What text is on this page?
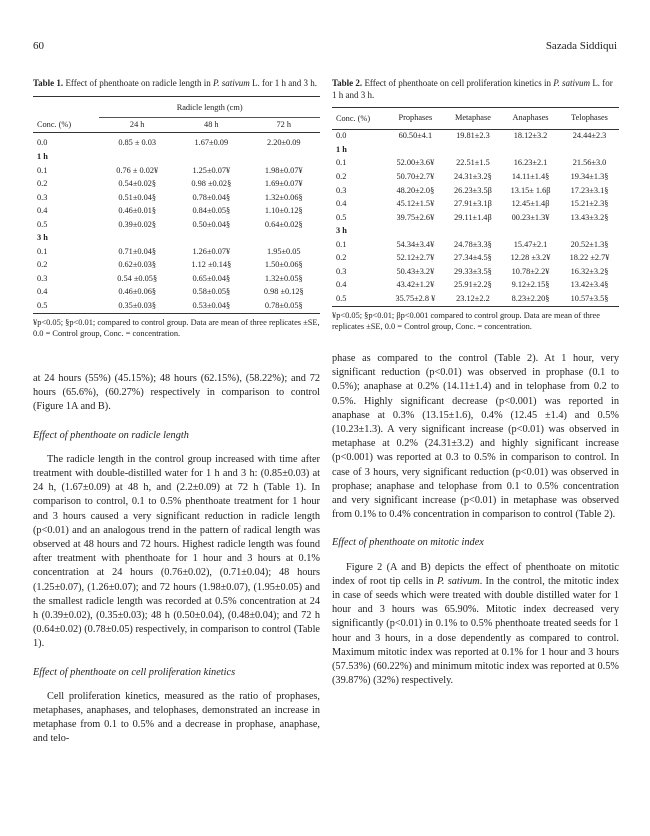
60	Sazada Siddiqui
Table 1. Effect of phenthoate on radicle length in P. sativum L. for 1 h and 3 h.
	Radicle length (cm)		
Conc. (%)	24 h	48 h	72 h
0.0	0.85 ± 0.03	1.67±0.09	2.20±0.09
1 h			
0.1	0.76 ± 0.02¥	1.25±0.07¥	1.98±0.07¥
0.2	0.54±0.02§	0.98 ±0.02§	1.69±0.07¥
0.3	0.51±0.04§	0.78±0.04§	1.32±0.06§
0.4	0.46±0.01§	0.84±0.05§	1.10±0.12§
0.5	0.39±0.02§	0.50±0.04§	0.64±0.02§
3 h			
0.1	0.71±0.04§	1.26±0.07¥	1.95±0.05
0.2	0.62±0.03§	1.12 ±0.14§	1.50±0.06§
0.3	0.54 ±0.05§	0.65±0.04§	1.32±0.05§
0.4	0.46±0.06§	0.58±0.05§	0.98 ±0.12§
0.5	0.35±0.03§	0.53±0.04§	0.78±0.05§
¥p<0.05; §p<0.01; compared to control group. Data are mean of three replicates ±SE, 0.0 = Control group, Conc. = concentration.
Table 2. Effect of phenthoate on cell proliferation kinetics in P. sativum L. for 1 h and 3 h.
Conc. (%)	Prophases	Metaphase	Anaphases	Telophases
0.0	60.50±4.1	19.81±2.3	18.12±3.2	24.44±2.3
1 h				
0.1	52.00±3.6¥	22.51±1.5	16.23±2.1	21.56±3.0
0.2	50.70±2.7¥	24.31±3.2§	14.11±1.4§	19.34±1.3§
0.3	48.20±2.0§	26.23±3.5β	13.15± 1.6β	17.23±3.1§
0.4	45.12±1.5¥	27.91±3.1β	12.45±1.4β	15.21±2.3§
0.5	39.75±2.6¥	29.11±1.4β	00.23±1.3¥	13.43±3.2§
3 h				
0.1	54.34±3.4¥	24.78±3.3§	15.47±2.1	20.52±1.3§
0.2	52.12±2.7¥	27.34±4.5§	12.28 ±3.2¥	18.22 ±2.7¥
0.3	50.43±3.2¥	29.33±3.5§	10.78±2.2¥	16.32±3.2§
0.4	43.42±1.2¥	25.91±2.2§	9.12±2.15§	13.42±3.4§
0.5	35.75±2.8 ¥	23.12±2.2	8.23±2.20§	10.57±3.5§
¥p<0.05; §p<0.01; βp<0.001 compared to control group. Data are mean of three replicates ±SE, 0.0 = Control group, Conc. = concentration.

at 24 hours (55%) (45.15%); 48 hours (62.15%), (58.22%); and 72 hours (65.6%), (60.27%) respectively in comparison to control (Figure 1A and B).

Effect of phenthoate on radicle length

The radicle length in the control group increased with time after treatment with double-distilled water for 1 h and 3 h: (0.85±0.03) at 24 h, (1.67±0.09) at 48 h, and (2.2±0.09) at 72 h (Table 1). In comparison to control, 0.1 to 0.5% phenthoate treatment for 1 hour and 3 hours caused a very significant reduction in radicle length (p<0.01) and an analogous trend in the pattern of radical length was observed at 48 hours and 72 hours. Highest radicle length was found after treatment with phenthoate for 1 hour and 3 hours at 0.1% concentration at 24 hours (0.76±0.02), (0.71±0.04); 48 hours (1.25±0.07), (1.26±0.07); and 72 hours (1.98±0.07), (1.95±0.05) and the smallest radicle length was recorded at 0.5% concentration at 24 h (0.39±0.02), (0.35±0.03); 48 h (0.50±0.04), (0.48±0.04); and 72 h (0.64±0.02) (0.78±0.05) respectively, in comparison to control (Table 1).

Effect of phenthoate on cell proliferation kinetics

Cell proliferation kinetics, measured as the ratio of prophases, metaphases, anaphases, and telophases, demonstrated an increase in metaphase from 0.1 to 0.5% and a decrease in prophase, anaphase, and telo-

phase as compared to the control (Table 2). At 1 hour, very significant reduction (p<0.01) was observed in prophase (0.1 to 0.5%); anaphase at 0.2% (14.11±1.4) and in telophase from 0.2 to 0.5%. Highly significant decrease (p<0.001) was reported in anaphase at 0.3% (13.15±1.6), 0.4% (12.45 ±1.4) and 0.5% (10.23±1.3). A very significant increase (p<0.01) was observed in metaphase at 0.2% (24.31±3.2) and highly significant increase (p<0.001) was reported at 0.3 to 0.5% in comparison to control. In case of 3 hours, very significant reduction (p<0.01) was observed in prophase; anaphase and telophase from 0.1 to 0.5% concentration and very significant increase (p<0.01) in metaphase was observed from 0.1% to 0.4% concentration in comparison to control (Table 2).

Effect of phenthoate on mitotic index

Figure 2 (A and B) depicts the effect of phenthoate on mitotic index of root tip cells in P. sativum. In the control, the mitotic index in case of seeds which were treated with double distilled water for 1 hour and 3 hours was 65.90%. Mitotic index decreased very significantly (p<0.01) in 0.1% to 0.5% phenthoate treated seeds for 1 hour and 3 hours, in a dose dependently as compared to control. Maximum mitotic index was reported at 0.1% for 1 hour and 3 hours (57.53%) (60.22%) and minimum mitotic index was reported at 0.5% (39.87%) (32%) respectively.
